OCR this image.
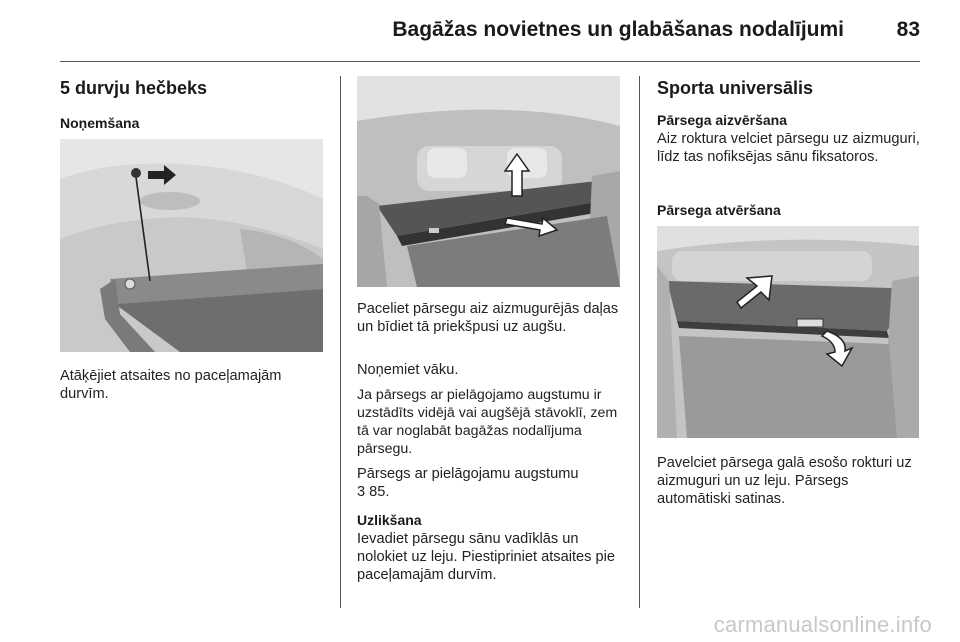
Bagāžas novietnes un glabāšanas nodalījumi	83
5 durvju hečbeks
Noņemšana

Atāķējiet atsaites no paceļamajām durvīm.

Paceliet pārsegu aiz aizmugurējās daļas un bīdiet tā priekšpusi uz augšu.

Noņemiet vāku.

Ja pārsegs ar pielāgojamo augstumu ir uzstādīts vidējā vai augšējā stāvoklī, zem tā var noglabāt bagāžas nodalījuma pārsegu.

Pārsegs ar pielāgojamu augstumu
3 85.

Uzlikšana

Ievadiet pārsegu sānu vadīklās un nolokiet uz leju. Piestipriniet atsaites pie paceļamajām durvīm.

Sporta universālis
Pārsega aizvēršana

Aiz roktura velciet pārsegu uz aizmuguri, līdz tas nofiksējas sānu fiksatoros.

Pārsega atvēršana

Pavelciet pārsega galā esošo rokturi uz aizmuguri un uz leju. Pārsegs automātiski satinas.

carmanualsonline.info
